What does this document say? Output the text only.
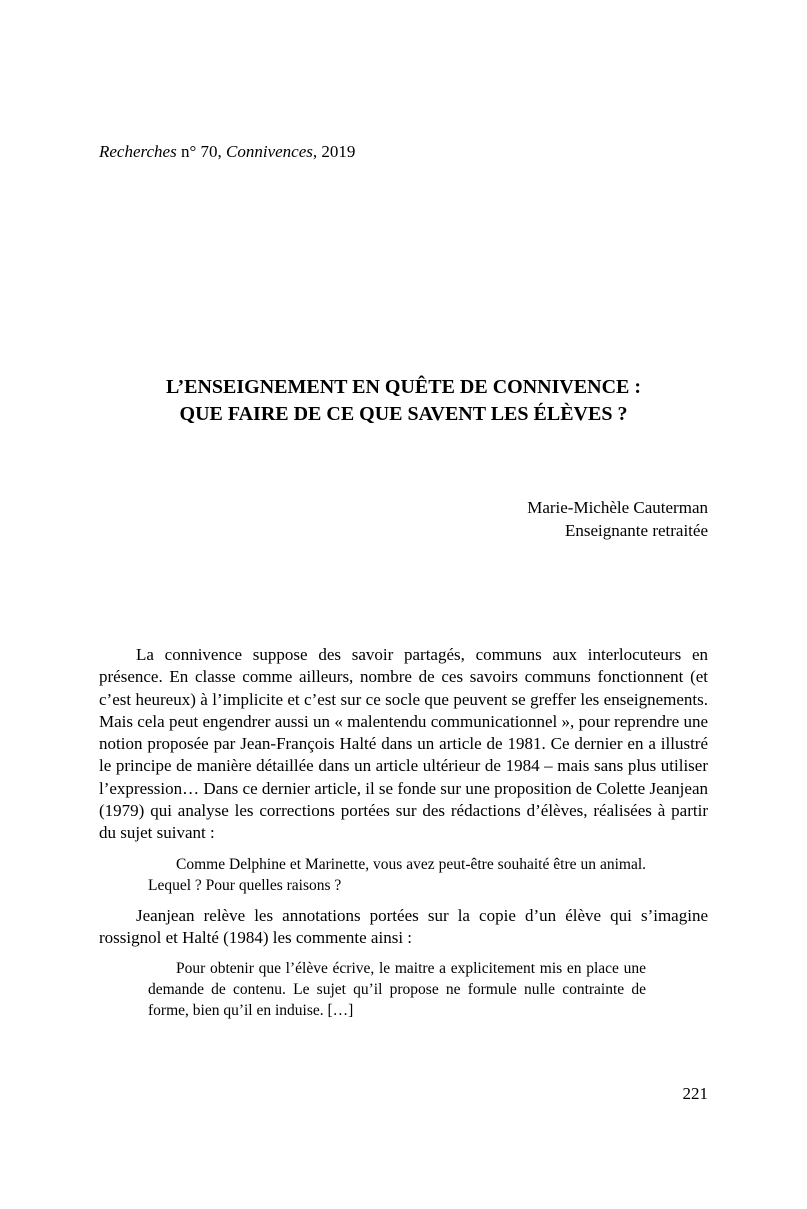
Recherches n° 70, Connivences, 2019
L’ENSEIGNEMENT EN QUÊTE DE CONNIVENCE :
QUE FAIRE DE CE QUE SAVENT LES ÉLÈVES ?
Marie-Michèle Cauterman
Enseignante retraitée

La connivence suppose des savoir partagés, communs aux interlocuteurs en présence. En classe comme ailleurs, nombre de ces savoirs communs fonctionnent (et c’est heureux) à l’implicite et c’est sur ce socle que peuvent se greffer les enseignements. Mais cela peut engendrer aussi un « malentendu communicationnel », pour reprendre une notion proposée par Jean-François Halté dans un article de 1981. Ce dernier en a illustré le principe de manière détaillée dans un article ultérieur de 1984 – mais sans plus utiliser l’expression… Dans ce dernier article, il se fonde sur une proposition de Colette Jeanjean (1979) qui analyse les corrections portées sur des rédactions d’élèves, réalisées à partir du sujet suivant :

Comme Delphine et Marinette, vous avez peut-être souhaité être un animal. Lequel ? Pour quelles raisons ?

Jeanjean relève les annotations portées sur la copie d’un élève qui s’imagine rossignol et Halté (1984) les commente ainsi :

Pour obtenir que l’élève écrive, le maitre a explicitement mis en place une demande de contenu. Le sujet qu’il propose ne formule nulle contrainte de forme, bien qu’il en induise. […]
221
